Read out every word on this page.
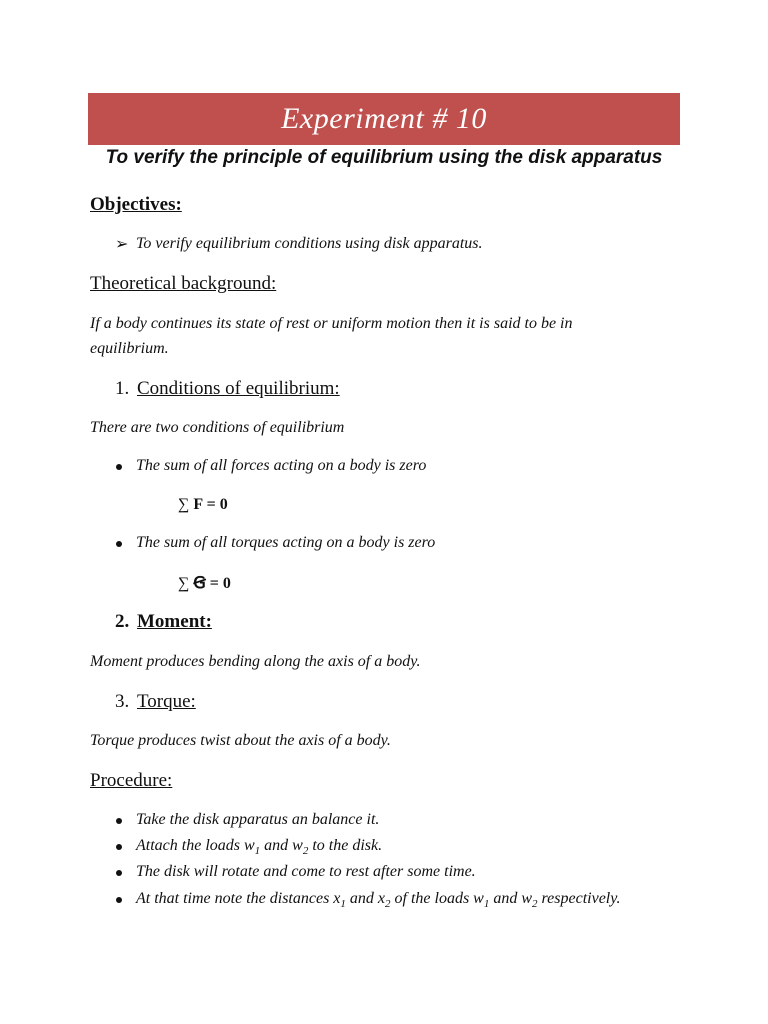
Experiment # 10
To verify the principle of equilibrium using the disk apparatus
Objectives:
➢ To verify equilibrium conditions using disk apparatus.
Theoretical background:
If a body continues its state of rest or uniform motion then it is said to be in equilibrium.
1. Conditions of equilibrium:
There are two conditions of equilibrium
The sum of all forces acting on a body is zero
∑ F = 0
The sum of all torques acting on a body is zero
∑ Ꞡ = 0
2. Moment:
Moment produces bending along the axis of a body.
3. Torque:
Torque produces twist about the axis of a body.
Procedure:
Take the disk apparatus an balance it.
Attach the loads $w_1$ and $w_2$ to the disk.
The disk will rotate and come to rest after some time.
At that time note the distances $x_1$ and $x_2$ of the loads $w_1$ and $w_2$ respectively.
